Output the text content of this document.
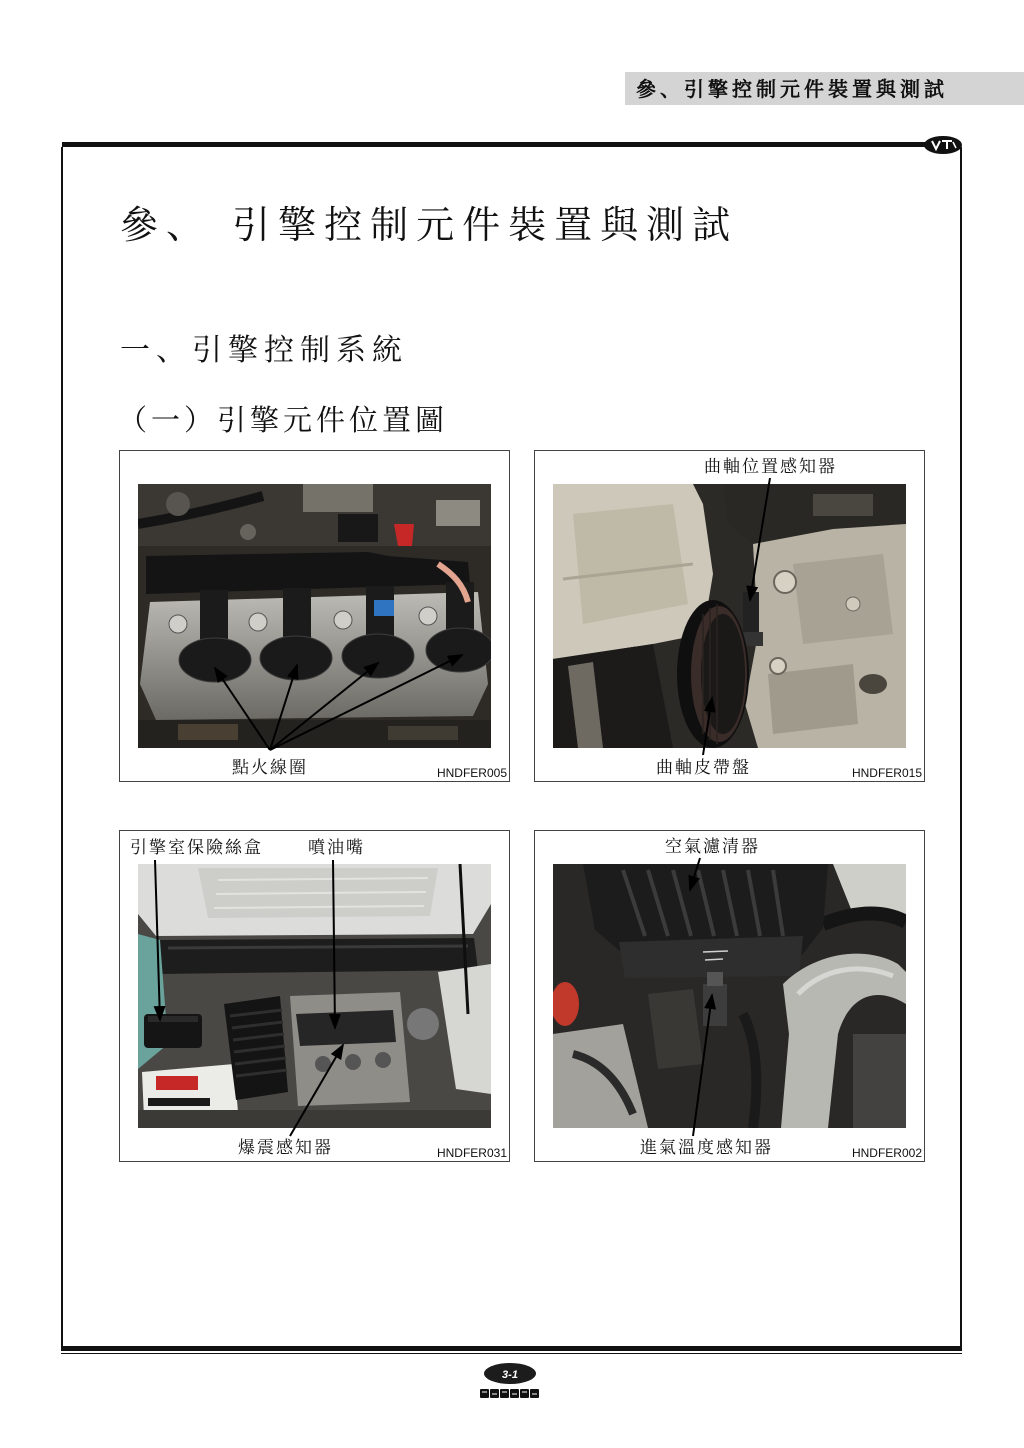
參、引擎控制元件裝置與測試
參、 引擎控制元件裝置與測試
一、引擎控制系統
（一）引擎元件位置圖
點火線圈	HNDFER005
曲軸位置感知器
曲軸皮帶盤	HNDFER015
引擎室保險絲盒	噴油嘴
爆震感知器	HNDFER031
空氣濾清器
進氣溫度感知器	HNDFER002
3-1
